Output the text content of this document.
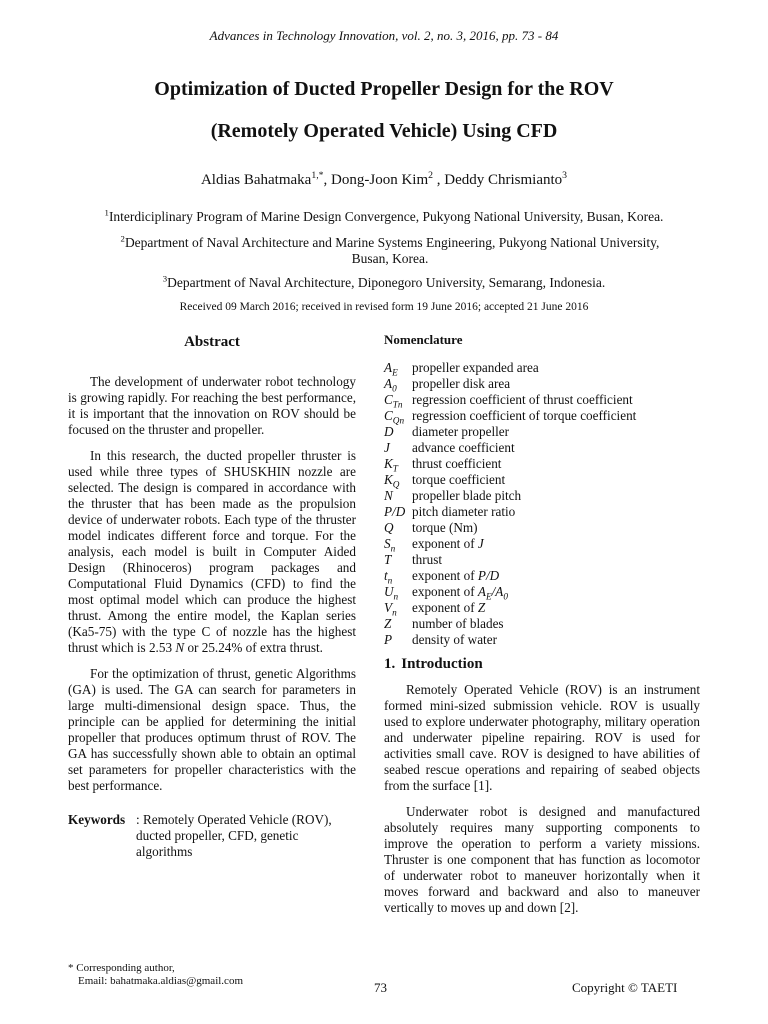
Advances in Technology Innovation, vol. 2, no. 3, 2016, pp. 73 - 84
Optimization of Ducted Propeller Design for the ROV
(Remotely Operated Vehicle) Using CFD
Aldias Bahatmaka$^{1,*}$, Dong-Joon Kim$^2$ , Deddy Chrismianto$^3$
$^1$Interdiciplinary Program of Marine Design Convergence, Pukyong National University, Busan, Korea.
$^2$Department of Naval Architecture and Marine Systems Engineering, Pukyong National University, Busan, Korea.
$^3$Department of Naval Architecture, Diponegoro University, Semarang, Indonesia.
Received 09 March 2016; received in revised form 19 June 2016; accepted 21 June 2016
Abstract

The development of underwater robot technology is growing rapidly. For reaching the best performance, it is important that the innovation on ROV should be focused on the thruster and propeller.

In this research, the ducted propeller thruster is used while three types of SHUSKHIN nozzle are selected. The design is compared in accordance with the thruster that has been made as the propulsion device of underwater robots. Each type of the thruster model indicates different force and torque. For the analysis, each model is built in Computer Aided Design (Rhinoceros) program packages and Computational Fluid Dynamics (CFD) to find the most optimal model which can produce the highest thrust. Among the entire model, the Kaplan series (Ka5-75) with the type C of nozzle has the highest thrust which is 2.53 N or 25.24% of extra thrust.

For the optimization of thrust, genetic Algorithms (GA) is used. The GA can search for parameters in large multi-dimensional design space. Thus, the principle can be applied for determining the initial propeller that produces optimum thrust of ROV. The GA has successfully shown able to obtain an optimal set parameters for propeller characteristics with the best performance.

Keywords : Remotely Operated Vehicle (ROV), ducted propeller, CFD, genetic algorithms
Nomenclature
$A_E$	propeller expanded area
$A_0$	propeller disk area
$C_{Tn}$ regression coefficient of thrust coefficient
$C_{Qn}$ regression coefficient of torque coefficient
D	diameter propeller
J	advance coefficient
$K_T$	thrust coefficient
$K_Q$ torque coefficient
N	propeller blade pitch
P/D pitch diameter ratio
Q	torque (Nm)
$S_n$	exponent of J
T	thrust
$t_n$	exponent of P/D
$U_n$	exponent of $A_E/A_0$
$V_n$	exponent of Z
Z	number of blades
P	density of water
1. Introduction

Remotely Operated Vehicle (ROV) is an instrument formed mini-sized submission vehicle. ROV is usually used to explore underwater photography, military operation and underwater pipeline repairing. ROV is used for activities small cave. ROV is designed to have abilities of seabed rescue operations and repairing of seabed objects from the surface [1].

Underwater robot is designed and manufactured absolutely requires many supporting components to improve the operation to perform a variety missions. Thruster is one component that has function as locomotor of underwater robot to maneuver horizontally when it moves forward and backward and also to maneuver vertically to moves up and down [2].

* Corresponding author,
Email: bahatmaka.aldias@gmail.com	73	Copyright © TAETI
